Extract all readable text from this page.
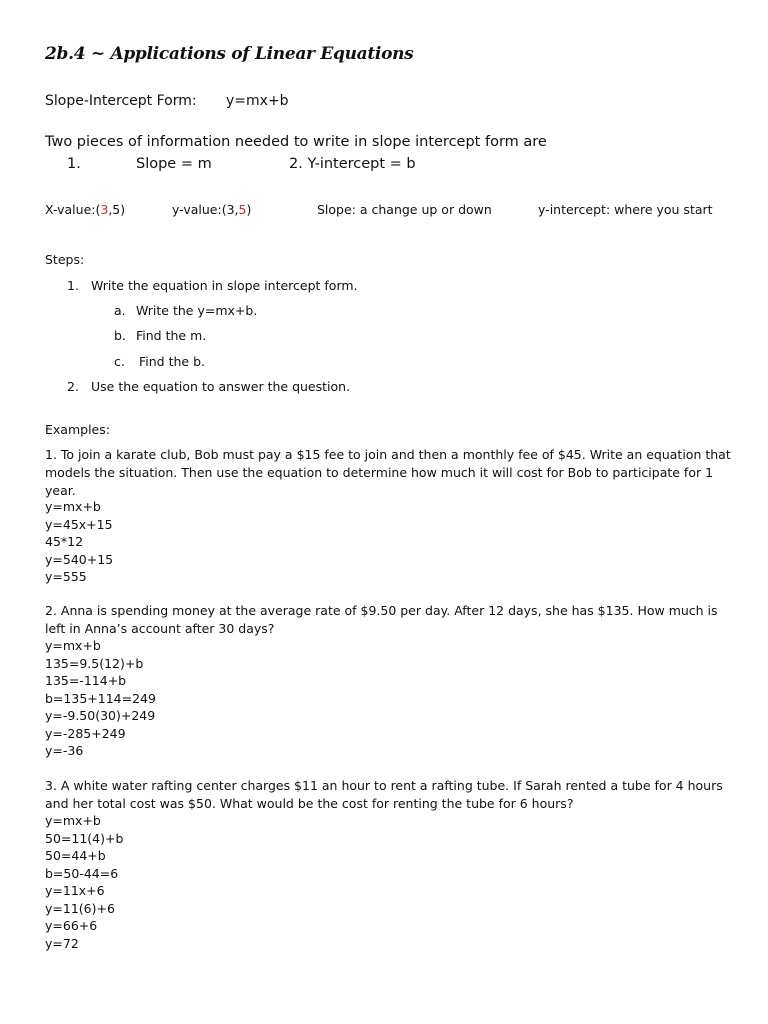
2b.4 ~ Applications of Linear Equations
Slope-Intercept Form: y=mx+b
Two pieces of information needed to write in slope intercept form are
1.	Slope = m	2. Y-intercept = b
X-value:(3,5)	y-value:(3,5)	Slope: a change up or down	y-intercept: where you start
Steps:
1. Write the equation in slope intercept form.
a. Write the y=mx+b.
b. Find the m.
c. Find the b.
2. Use the equation to answer the question.
Examples:
1. To join a karate club, Bob must pay a $15 fee to join and then a monthly fee of $45. Write an equation that models the situation. Then use the equation to determine how much it will cost for Bob to participate for 1 year.
y=mx+b
y=45x+15
45*12
y=540+15
y=555
2. Anna is spending money at the average rate of $9.50 per day. After 12 days, she has $135. How much is left in Anna’s account after 30 days?
y=mx+b
135=9.5(12)+b
135=-114+b
b=135+114=249
y=-9.50(30)+249
y=-285+249
y=-36
3. A white water rafting center charges $11 an hour to rent a rafting tube. If Sarah rented a tube for 4 hours and her total cost was $50. What would be the cost for renting the tube for 6 hours?
y=mx+b
50=11(4)+b
50=44+b
b=50-44=6
y=11x+6
y=11(6)+6
y=66+6
y=72
